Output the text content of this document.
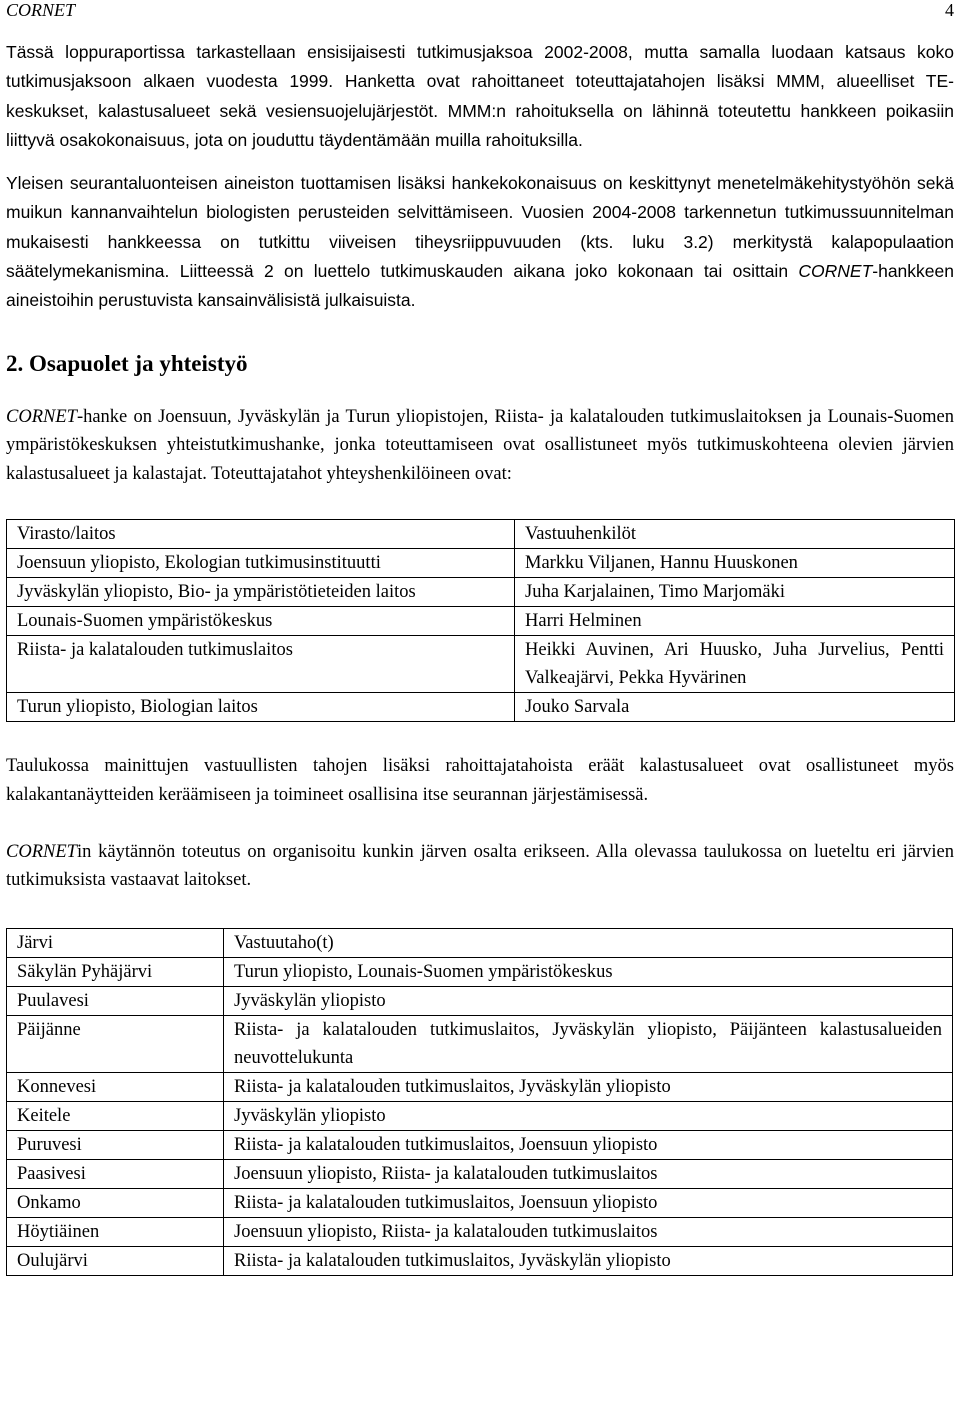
CORNET	4

Tässä loppuraportissa tarkastellaan ensisijaisesti tutkimusjaksoa 2002-2008, mutta samalla luodaan katsaus koko tutkimusjaksoon alkaen vuodesta 1999. Hanketta ovat rahoittaneet toteuttajatahojen lisäksi MMM, alueelliset TE-keskukset, kalastusalueet sekä vesiensuojelujärjestöt. MMM:n rahoituksella on lähinnä toteutettu hankkeen poikasiin liittyvä osakokonaisuus, jota on jouduttu täydentämään muilla rahoituksilla.

Yleisen seurantaluonteisen aineiston tuottamisen lisäksi hankekokonaisuus on keskittynyt menetelmäkehitystyöhön sekä muikun kannanvaihtelun biologisten perusteiden selvittämiseen. Vuosien 2004-2008 tarkennetun tutkimussuunnitelman mukaisesti hankkeessa on tutkittu viiveisen tiheysriippuvuuden (kts. luku 3.2) merkitystä kalapopulaation säätelymekanismina. Liitteessä 2 on luettelo tutkimuskauden aikana joko kokonaan tai osittain CORNET-hankkeen aineistoihin perustuvista kansainvälisistä julkaisuista.

2. Osapuolet ja yhteistyö

CORNET-hanke on Joensuun, Jyväskylän ja Turun yliopistojen, Riista- ja kalatalouden tutkimuslaitoksen ja Lounais-Suomen ympäristökeskuksen yhteistutkimushanke, jonka toteuttamiseen ovat osallistuneet myös tutkimuskohteena olevien järvien kalastusalueet ja kalastajat. Toteuttajatahot yhteyshenkilöineen ovat:

Virasto/laitos	Vastuuhenkilöt
Joensuun yliopisto, Ekologian tutkimusinstituutti	Markku Viljanen, Hannu Huuskonen
Jyväskylän yliopisto, Bio- ja ympäristötieteiden laitos	Juha Karjalainen, Timo Marjomäki
Lounais-Suomen ympäristökeskus	Harri Helminen
Riista- ja kalatalouden tutkimuslaitos	Heikki Auvinen, Ari Huusko, Juha Jurvelius, Pentti Valkeajärvi, Pekka Hyvärinen
Turun yliopisto, Biologian laitos	Jouko Sarvala

Taulukossa mainittujen vastuullisten tahojen lisäksi rahoittajatahoista eräät kalastusalueet ovat osallistuneet myös kalakantanäytteiden keräämiseen ja toimineet osallisina itse seurannan järjestämisessä.

CORNETin käytännön toteutus on organisoitu kunkin järven osalta erikseen. Alla olevassa taulukossa on lueteltu eri järvien tutkimuksista vastaavat laitokset.

Järvi	Vastuutaho(t)
Säkylän Pyhäjärvi	Turun yliopisto, Lounais-Suomen ympäristökeskus
Puulavesi	Jyväskylän yliopisto
Päijänne	Riista- ja kalatalouden tutkimuslaitos, Jyväskylän yliopisto, Päijänteen kalastusalueiden neuvottelukunta
Konnevesi	Riista- ja kalatalouden tutkimuslaitos, Jyväskylän yliopisto
Keitele	Jyväskylän yliopisto
Puruvesi	Riista- ja kalatalouden tutkimuslaitos, Joensuun yliopisto
Paasivesi	Joensuun yliopisto, Riista- ja kalatalouden tutkimuslaitos
Onkamo	Riista- ja kalatalouden tutkimuslaitos, Joensuun yliopisto
Höytiäinen	Joensuun yliopisto, Riista- ja kalatalouden tutkimuslaitos
Oulujärvi	Riista- ja kalatalouden tutkimuslaitos, Jyväskylän yliopisto
